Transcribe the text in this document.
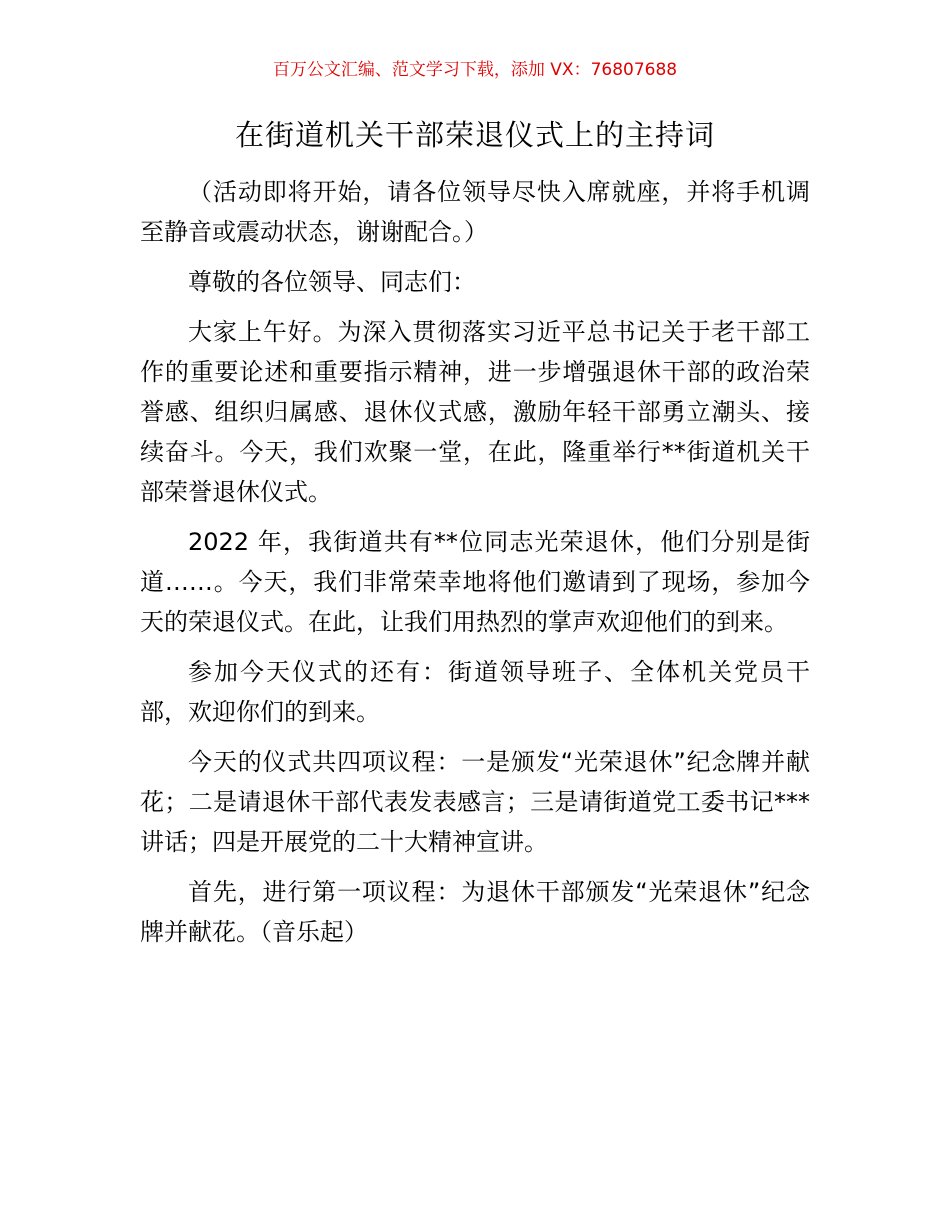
百万公文汇编、范文学习下载，添加 VX：76807688
在街道机关干部荣退仪式上的主持词

（活动即将开始，请各位领导尽快入席就座，并将手机调至静音或震动状态，谢谢配合。）

尊敬的各位领导、同志们：

大家上午好。为深入贯彻落实习近平总书记关于老干部工作的重要论述和重要指示精神，进一步增强退休干部的政治荣誉感、组织归属感、退休仪式感，激励年轻干部勇立潮头、接续奋斗。今天，我们欢聚一堂，在此，隆重举行**街道机关干部荣誉退休仪式。

2022 年，我街道共有**位同志光荣退休，他们分别是街道……。今天，我们非常荣幸地将他们邀请到了现场，参加今天的荣退仪式。在此，让我们用热烈的掌声欢迎他们的到来。

参加今天仪式的还有：街道领导班子、全体机关党员干部，欢迎你们的到来。

今天的仪式共四项议程：一是颁发“光荣退休”纪念牌并献花；二是请退休干部代表发表感言；三是请街道党工委书记***讲话；四是开展党的二十大精神宣讲。

首先，进行第一项议程：为退休干部颁发“光荣退休”纪念牌并献花。（音乐起）
